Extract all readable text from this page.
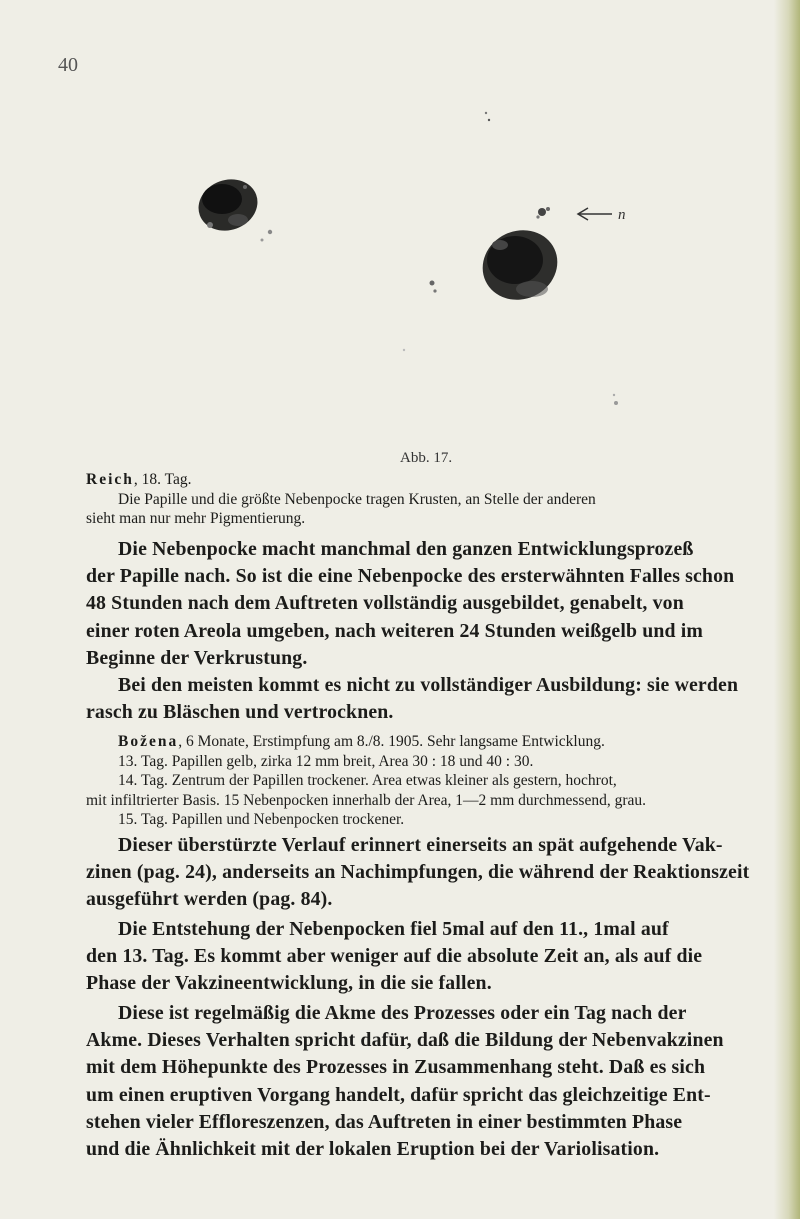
40
n
Abb. 17.

Reich, 18. Tag.

Die Papille und die größte Nebenpocke tragen Krusten, an Stelle der anderen

sieht man nur mehr Pigmentierung.

Die Nebenpocke macht manchmal den ganzen Entwicklungsprozeß

der Papille nach. So ist die eine Nebenpocke des ersterwähnten Falles schon

48 Stunden nach dem Auftreten vollständig ausgebildet, genabelt, von

einer roten Areola umgeben, nach weiteren 24 Stunden weißgelb und im

Beginne der Verkrustung.

Bei den meisten kommt es nicht zu vollständiger Ausbildung: sie werden

rasch zu Bläschen und vertrocknen.

Božena, 6 Monate, Erstimpfung am 8./8. 1905. Sehr langsame Entwicklung.

13. Tag. Papillen gelb, zirka 12 mm breit, Area 30 : 18 und 40 : 30.

14. Tag. Zentrum der Papillen trockener. Area etwas kleiner als gestern, hochrot,

mit infiltrierter Basis. 15 Nebenpocken innerhalb der Area, 1—2 mm durchmessend, grau.

15. Tag. Papillen und Nebenpocken trockener.

Dieser überstürzte Verlauf erinnert einerseits an spät aufgehende Vak-

zinen (pag. 24), anderseits an Nachimpfungen, die während der Reaktionszeit

ausgeführt werden (pag. 84).

Die Entstehung der Nebenpocken fiel 5mal auf den 11., 1mal auf

den 13. Tag. Es kommt aber weniger auf die absolute Zeit an, als auf die

Phase der Vakzineentwicklung, in die sie fallen.

Diese ist regelmäßig die Akme des Prozesses oder ein Tag nach der

Akme. Dieses Verhalten spricht dafür, daß die Bildung der Nebenvakzinen

mit dem Höhepunkte des Prozesses in Zusammenhang steht. Daß es sich

um einen eruptiven Vorgang handelt, dafür spricht das gleichzeitige Ent-

stehen vieler Effloreszenzen, das Auftreten in einer bestimmten Phase

und die Ähnlichkeit mit der lokalen Eruption bei der Variolisation.
